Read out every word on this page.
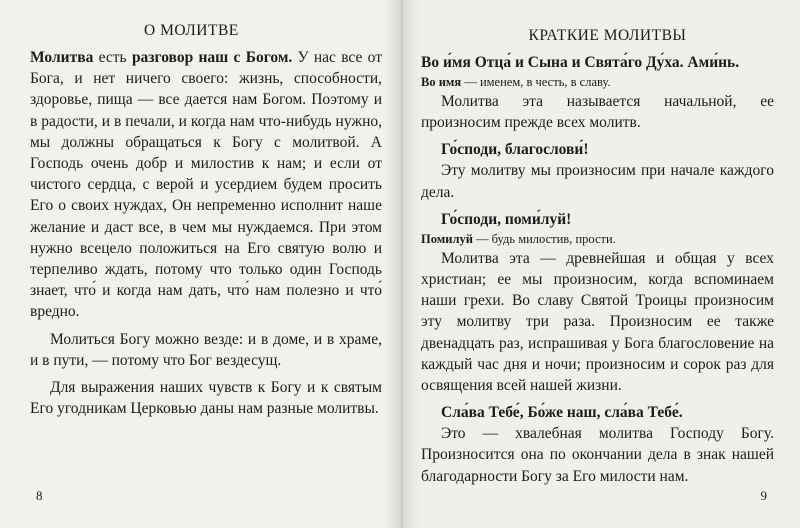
О МОЛИТВЕ

Молитва есть разговор наш с Богом. У нас все от Бога, и нет ничего своего: жизнь, способности, здоровье, пища — все дается нам Богом. Поэтому и в радости, и в печали, и когда нам что-нибудь нужно, мы должны обращаться к Богу с молитвой. А Господь очень добр и милостив к нам; и если от чистого сердца, с верой и усердием будем просить Его о своих нуждах, Он непременно исполнит наше желание и даст все, в чем мы нуждаемся. При этом нужно всецело положиться на Его святую волю и терпеливо ждать, потому что только один Господь знает, что́ и когда нам дать, что́ нам полезно и что́ вредно.

Молиться Богу можно везде: и в доме, и в храме, и в пути, — потому что Бог вездесущ.

Для выражения наших чувств к Богу и к святым Его угодникам Церковью даны нам разные молитвы.

8
КРАТКИЕ МОЛИТВЫ

Во и́мя Отца́ и Сына и Свята́го Ду́ха. Ами́нь.

Во имя — именем, в честь, в славу.

Молитва эта называется начальной, ее произносим прежде всех молитв.

Го́споди, благослови́!

Эту молитву мы произносим при начале каждого дела.

Го́споди, поми́луй!

Помилуй — будь милостив, прости.

Молитва эта — древнейшая и общая у всех христиан; ее мы произносим, когда вспоминаем наши грехи. Во славу Святой Троицы произносим эту молитву три раза. Произносим ее также двенадцать раз, испрашивая у Бога благословение на каждый час дня и ночи; произносим и сорок раз для освящения всей нашей жизни.

Сла́ва Тебе́, Бо́же наш, сла́ва Тебе́.

Это — хвалебная молитва Господу Богу. Произносится она по окончании дела в знак нашей благодарности Богу за Его милости нам.

9
